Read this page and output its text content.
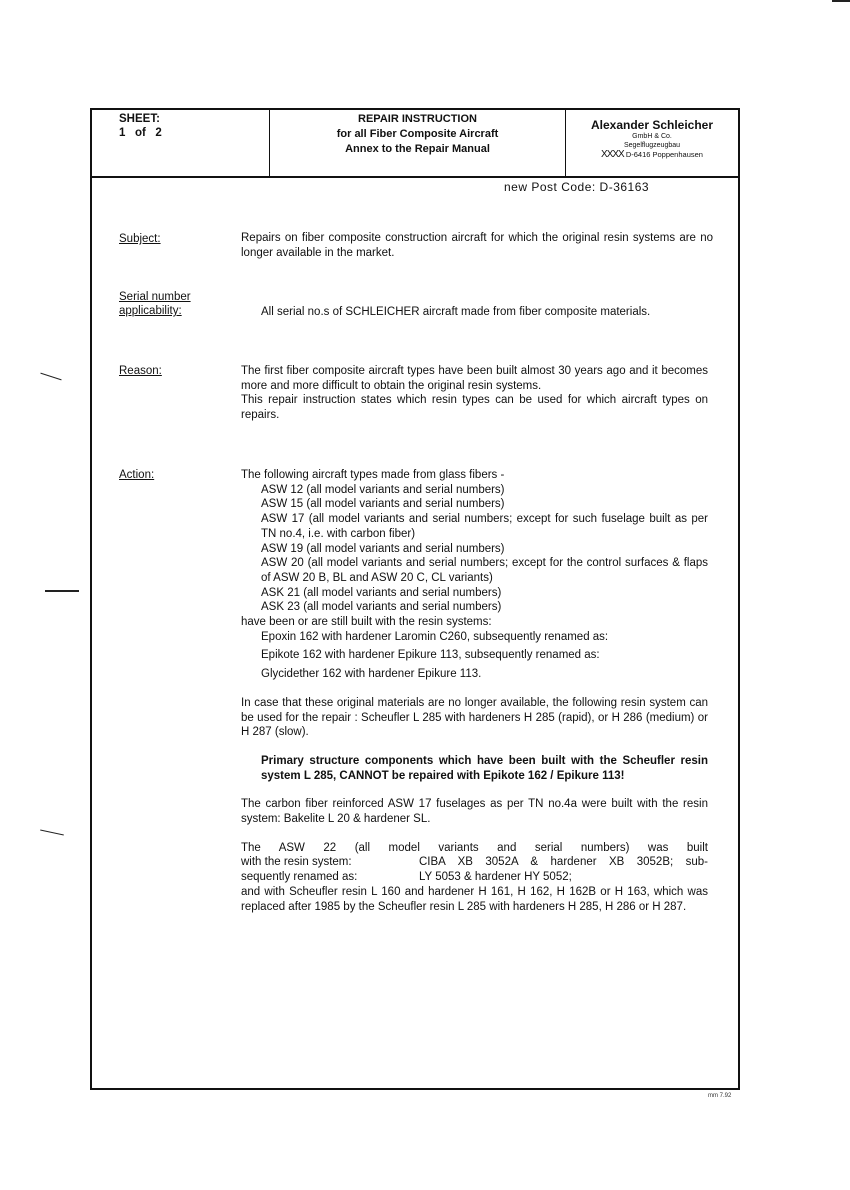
SHEET:
1   of   2
REPAIR INSTRUCTION
for all Fiber Composite Aircraft
Annex to the Repair Manual
Alexander Schleicher
GmbH & Co.
Segelflugzeugbau
XXXX D-6416 Poppenhausen
new Post Code: D-36163
Subject:	Repairs on fiber composite construction aircraft for which the original resin systems are no longer available in the market.

Serial number
applicability:	All serial no.s of SCHLEICHER aircraft made from fiber composite materials.

Reason:	The first fiber composite aircraft types have been built almost 30 years ago and it becomes more and more difficult to obtain the original resin systems.

This repair instruction states which resin types can be used for which aircraft types on repairs.

Action:	The following aircraft types made from glass fibers -

ASW 12 (all model variants and serial numbers)

ASW 15 (all model variants and serial numbers)

ASW 17 (all model variants and serial numbers; except for such fuselage built as per TN no.4, i.e. with carbon fiber)

ASW 19 (all model variants and serial numbers)

ASW 20 (all model variants and serial numbers; except for the control surfaces & flaps of ASW 20 B, BL and ASW 20 C, CL variants)

ASK 21 (all model variants and serial numbers)

ASK 23 (all model variants and serial numbers)

have been or are still built with the resin systems:

Epoxin 162 with hardener Laromin C260, subsequently renamed as:

Epikote 162 with hardener Epikure 113, subsequently renamed as:

Glycidether 162 with hardener Epikure 113.

In case that these original materials are no longer available, the following resin system can be used for the repair : Scheufler L 285 with hardeners H 285 (rapid), or H 286 (medium) or H 287 (slow).

Primary structure components which have been built with the Scheufler resin system L 285, CANNOT be repaired with Epikote 162 / Epikure 113!

The carbon fiber reinforced ASW 17 fuselages as per TN no.4a were built with the resin system: Bakelite L 20 & hardener SL.

The ASW 22 (all model variants and serial numbers) was built

with the resin system:	CIBA XB 3052A & hardener XB 3052B; sub-

sequently renamed as:	LY 5053 & hardener HY 5052;

and with Scheufler resin L 160 and hardener H 161, H 162, H 162B or H 163, which was replaced after 1985 by the Scheufler resin L 285 with hardeners H 285, H 286 or H 287.

mm 7.92
